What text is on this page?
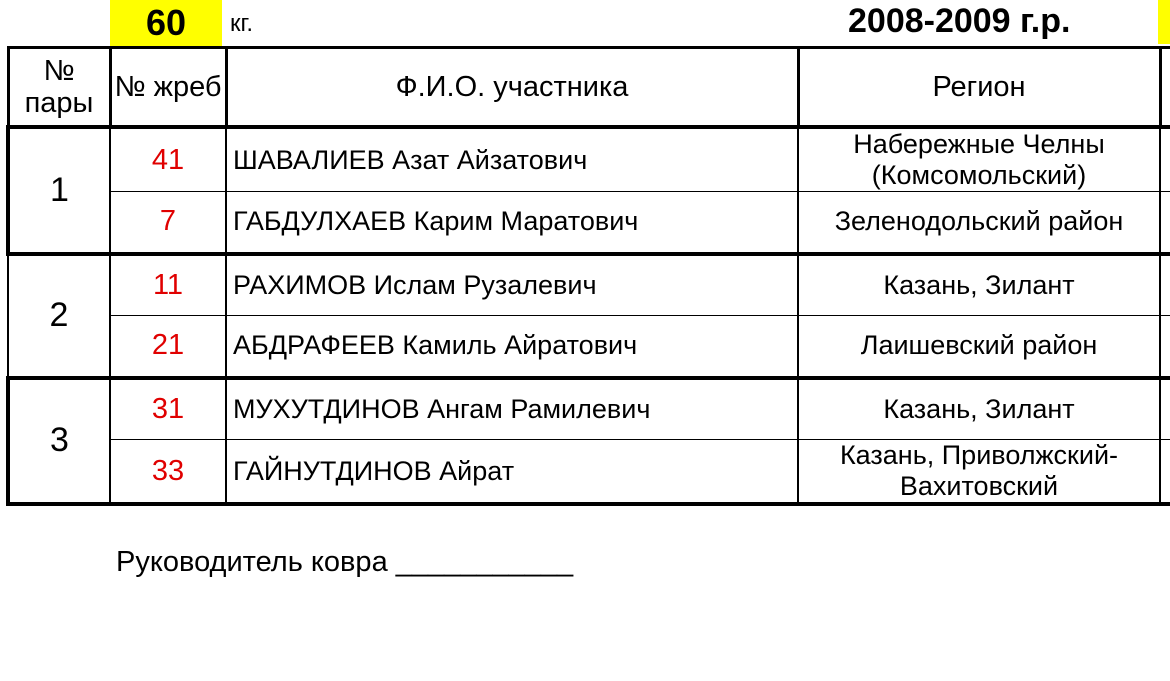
60	кг.	2008-2009 г.р.
№ пары	№ жреб	Ф.И.О. участника	Регион	
1	41	ШАВАЛИЕВ Азат Айзатович	Набережные Челны (Комсомольский)	
	7	ГАБДУЛХАЕВ Карим Маратович	Зеленодольский район	
2	11	РАХИМОВ Ислам Рузалевич	Казань, Зилант	
	21	АБДРАФЕЕВ Камиль Айратович	Лаишевский район	
3	31	МУХУТДИНОВ Ангам Рамилевич	Казань, Зилант	
	33	ГАЙНУТДИНОВ Айрат	Казань, Приволжский-Вахитовский	
Руководитель ковра ___________
